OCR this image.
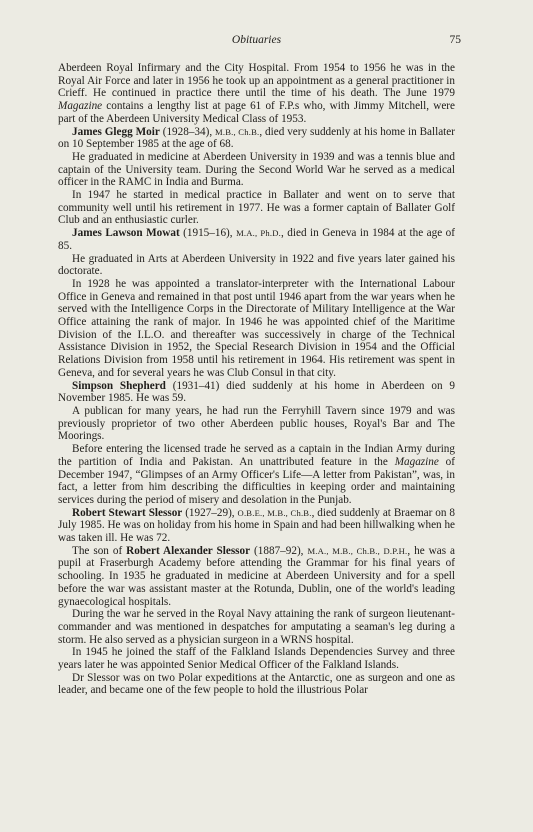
Obituaries	75

Aberdeen Royal Infirmary and the City Hospital. From 1954 to 1956 he was in the Royal Air Force and later in 1956 he took up an appointment as a general practitioner in Crieff. He continued in practice there until the time of his death. The June 1979 Magazine contains a lengthy list at page 61 of F.P.s who, with Jimmy Mitchell, were part of the Aberdeen University Medical Class of 1953.

James Glegg Moir (1928–34), M.B., Ch.B., died very suddenly at his home in Ballater on 10 September 1985 at the age of 68.

He graduated in medicine at Aberdeen University in 1939 and was a tennis blue and captain of the University team. During the Second World War he served as a medical officer in the RAMC in India and Burma.

In 1947 he started in medical practice in Ballater and went on to serve that community well until his retirement in 1977. He was a former captain of Ballater Golf Club and an enthusiastic curler.

James Lawson Mowat (1915–16), M.A., Ph.D., died in Geneva in 1984 at the age of 85.

He graduated in Arts at Aberdeen University in 1922 and five years later gained his doctorate.

In 1928 he was appointed a translator-interpreter with the International Labour Office in Geneva and remained in that post until 1946 apart from the war years when he served with the Intelligence Corps in the Directorate of Military Intelligence at the War Office attaining the rank of major. In 1946 he was appointed chief of the Maritime Division of the I.L.O. and thereafter was successively in charge of the Technical Assistance Division in 1952, the Special Research Division in 1954 and the Official Relations Division from 1958 until his retirement in 1964. His retirement was spent in Geneva, and for several years he was Club Consul in that city.

Simpson Shepherd (1931–41) died suddenly at his home in Aberdeen on 9 November 1985. He was 59.

A publican for many years, he had run the Ferryhill Tavern since 1979 and was previously proprietor of two other Aberdeen public houses, Royal's Bar and The Moorings.

Before entering the licensed trade he served as a captain in the Indian Army during the partition of India and Pakistan. An unattributed feature in the Magazine of December 1947, “Glimpses of an Army Officer's Life—A letter from Pakistan”, was, in fact, a letter from him describing the difficulties in keeping order and maintaining services during the period of misery and desolation in the Punjab.

Robert Stewart Slessor (1927–29), O.B.E., M.B., Ch.B., died suddenly at Braemar on 8 July 1985. He was on holiday from his home in Spain and had been hillwalking when he was taken ill. He was 72.

The son of Robert Alexander Slessor (1887–92), M.A., M.B., Ch.B., D.P.H., he was a pupil at Fraserburgh Academy before attending the Grammar for his final years of schooling. In 1935 he graduated in medicine at Aberdeen University and for a spell before the war was assistant master at the Rotunda, Dublin, one of the world's leading gynaecological hospitals.

During the war he served in the Royal Navy attaining the rank of surgeon lieutenant-commander and was mentioned in despatches for amputating a seaman's leg during a storm. He also served as a physician surgeon in a WRNS hospital.

In 1945 he joined the staff of the Falkland Islands Dependencies Survey and three years later he was appointed Senior Medical Officer of the Falkland Islands.

Dr Slessor was on two Polar expeditions at the Antarctic, one as surgeon and one as leader, and became one of the few people to hold the illustrious Polar
